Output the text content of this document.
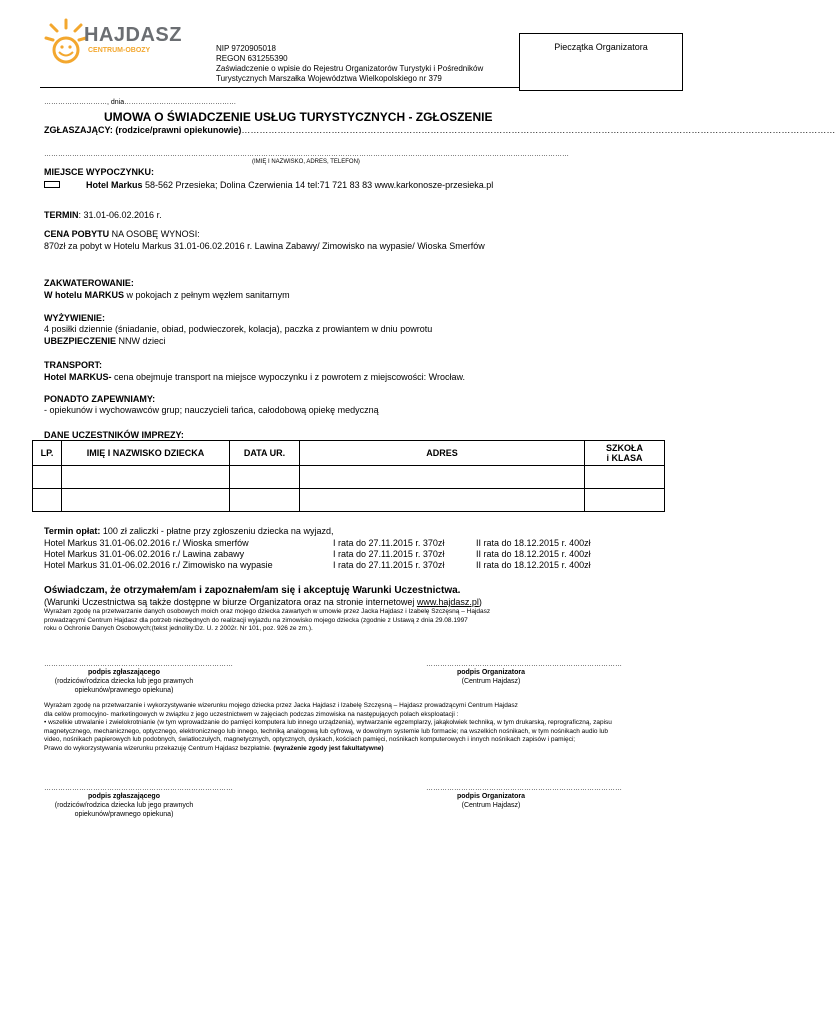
HAJDASZ
CENTRUM-OBOZY	NIP 9720905018
REGON 631255390
Zaświadczenie o wpisie do Rejestru Organizatorów Turystyki i Pośredników
Turystycznych Marszałka Województwa Wielkopolskiego nr 379
Pieczątka Organizatora
………………………, dnia…………………………………………
UMOWA O ŚWIADCZENIE USŁUG TURYSTYCZNYCH - ZGŁOSZENIE
ZGŁASZAJĄCY: (rodzice/prawni opiekunowie)………………………………………………………………………………………………………………………………………………………………………………
………………………………………………………………………………………………………………………………………………………………………………………………………
(IMIĘ I NAZWISKO, ADRES, TELEFON)
MIEJSCE WYPOCZYNKU:
Hotel Markus 58-562 Przesieka; Dolina Czerwienia 14 tel:71 721 83 83 www.karkonosze-przesieka.pl
TERMIN: 31.01-06.02.2016 r.
CENA POBYTU NA OSOBĘ WYNOSI:
870zł za pobyt w Hotelu Markus 31.01-06.02.2016 r. Lawina Zabawy/ Zimowisko na wypasie/ Wioska Smerfów
ZAKWATEROWANIE:
W hotelu MARKUS w pokojach z pełnym węzłem sanitarnym
WYŻYWIENIE:
4 posiłki dziennie (śniadanie, obiad, podwieczorek, kolacja), paczka z prowiantem w dniu powrotu
UBEZPIECZENIE NNW dzieci
TRANSPORT:
Hotel MARKUS- cena obejmuje transport na miejsce wypoczynku i z powrotem z miejscowości: Wrocław.
PONADTO ZAPEWNIAMY:
- opiekunów i wychowawców grup; nauczycieli tańca, całodobową opiekę medyczną
DANE UCZESTNIKÓW IMPREZY:
LP.	IMIĘ I NAZWISKO DZIECKA	DATA UR.	ADRES	SZKOŁA
i KLASA

Termin opłat: 100 zł zaliczki - płatne przy zgłoszeniu dziecka na wyjazd,
Hotel Markus 31.01-06.02.2016 r./ Wioska smerfów	I rata do 27.11.2015 r. 370zł	II rata do 18.12.2015 r. 400zł
Hotel Markus 31.01-06.02.2016 r./ Lawina zabawy	I rata do 27.11.2015 r. 370zł	II rata do 18.12.2015 r. 400zł
Hotel Markus 31.01-06.02.2016 r./ Zimowisko na wypasie	I rata do 27.11.2015 r. 370zł	II rata do 18.12.2015 r. 400zł
Oświadczam, że otrzymałem/am i zapoznałem/am się i akceptuję Warunki Uczestnictwa.
(Warunki Uczestnictwa są także dostępne w biurze Organizatora oraz na stronie internetowej www.hajdasz.pl)
Wyrażam zgodę na przetwarzanie danych osobowych moich oraz mojego dziecka zawartych w umowie przez Jacka Hajdasz i Izabelę Szczęsną – Hajdasz
prowadzącymi Centrum Hajdasz dla potrzeb niezbędnych do realizacji wyjazdu na zimowisko mojego dziecka (zgodnie z Ustawą z dnia 29.08.1997
roku o Ochronie Danych Osobowych;(tekst jednolity:Dz. U. z 2002r. Nr 101, poz. 926 ze zm.).
………………………………………………………………………	…………………………………………………………………………
podpis zgłaszającego
(rodziców/rodzica dziecka lub jego prawnych
opiekunów/prawnego opiekuna)
podpis Organizatora
(Centrum Hajdasz)
Wyrażam zgodę na przetwarzanie i wykorzystywanie wizerunku mojego dziecka przez Jacka Hajdasz i Izabelę Szczęsną – Hajdasz prowadzącymi Centrum Hajdasz
dla celów promocyjno- marketingowych w związku z jego uczestnictwem w zajęciach podczas zimowiska na następujących polach eksploatacji :
• wszelkie utrwalanie i zwielokrotnianie (w tym wprowadzanie do pamięci komputera lub innego urządzenia), wytwarzanie egzemplarzy, jakąkolwiek techniką, w tym drukarską, reprograficzną, zapisu
magnetycznego, mechanicznego, optycznego, elektronicznego lub innego, techniką analogową lub cyfrową, w dowolnym systemie lub formacie; na wszelkich nośnikach, w tym nośnikach audio lub
video, nośnikach papierowych lub podobnych, światłoczułych, magnetycznych, optycznych, dyskach, kościach pamięci, nośnikach komputerowych i innych nośnikach zapisów i pamięci;
Prawo do wykorzystywania wizerunku przekazuję Centrum Hajdasz bezpłatnie. (wyrażenie zgody jest fakultatywne)
………………………………………………………………………	…………………………………………………………………………
podpis zgłaszającego
(rodziców/rodzica dziecka lub jego prawnych
opiekunów/prawnego opiekuna)
podpis Organizatora
(Centrum Hajdasz)
